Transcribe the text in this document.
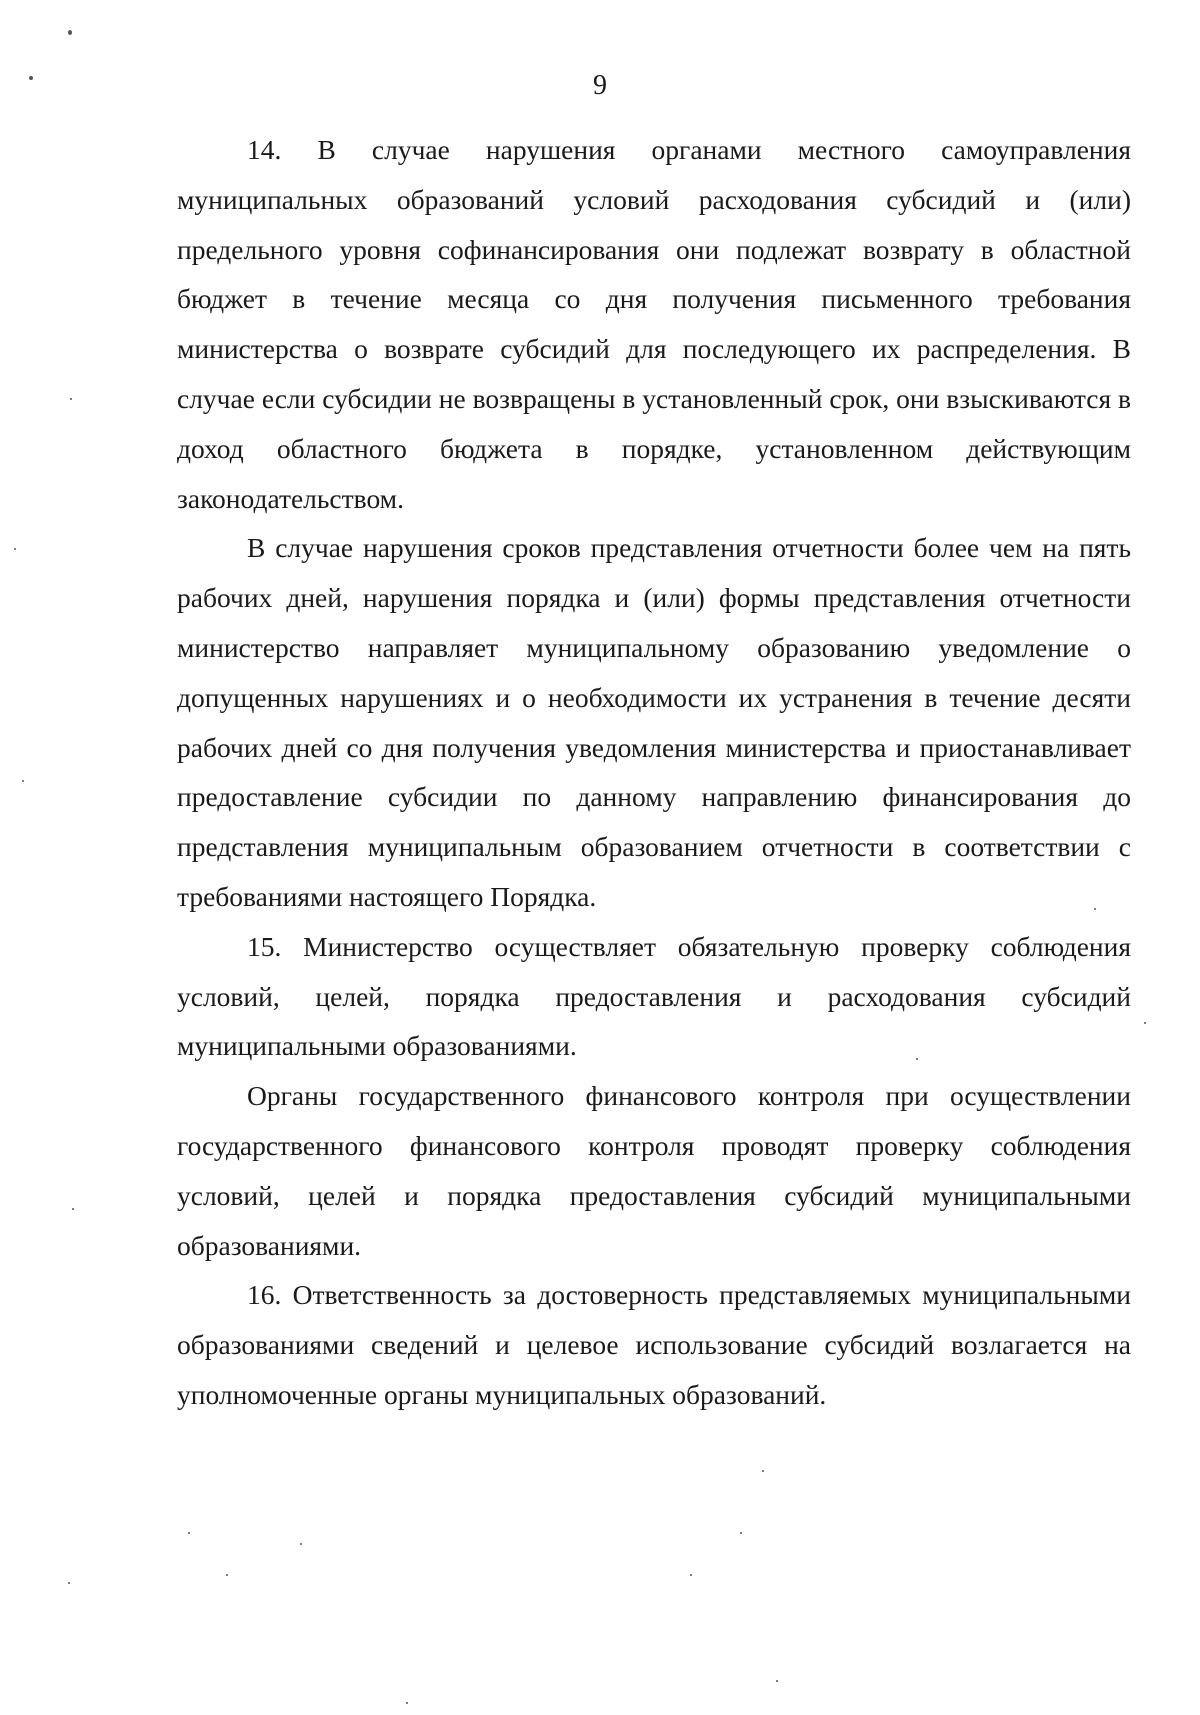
9

14. В случае нарушения органами местного самоуправления муниципальных образований условий расходования субсидий и (или) предельного уровня софинансирования они подлежат возврату в областной бюджет в течение месяца со дня получения письменного требования министерства о возврате субсидий для последующего их распределения. В случае если субсидии не возвращены в установленный срок, они взыскиваются в доход областного бюджета в порядке, установленном действующим законодательством.

В случае нарушения сроков представления отчетности более чем на пять рабочих дней, нарушения порядка и (или) формы представления отчетности министерство направляет муниципальному образованию уведомление о допущенных нарушениях и о необходимости их устранения в течение десяти рабочих дней со дня получения уведомления министерства и приостанавливает предоставление субсидии по данному направлению финансирования до представления муниципальным образованием отчетности в соответствии с требованиями настоящего Порядка.

15. Министерство осуществляет обязательную проверку соблюдения условий, целей, порядка предоставления и расходования субсидий муниципальными образованиями.

Органы государственного финансового контроля при осуществлении государственного финансового контроля проводят проверку соблюдения условий, целей и порядка предоставления субсидий муниципальными образованиями.

16. Ответственность за достоверность представляемых муниципальными образованиями сведений и целевое использование субсидий возлагается на уполномоченные органы муниципальных образований.
